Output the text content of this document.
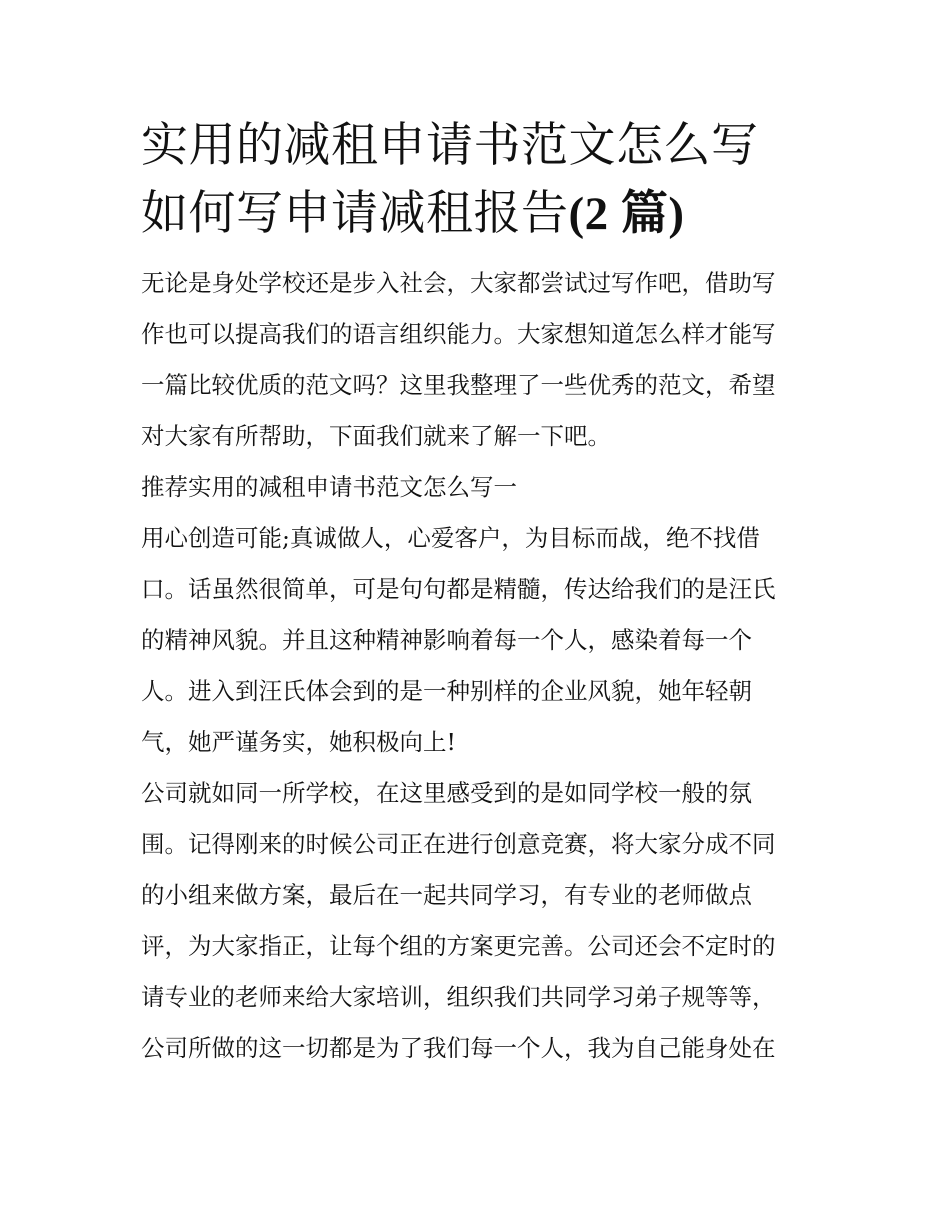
实用的减租申请书范文怎么写
如何写申请减租报告(2 篇)

无论是身处学校还是步入社会，大家都尝试过写作吧，借助写
作也可以提高我们的语言组织能力。大家想知道怎么样才能写
一篇比较优质的范文吗？这里我整理了一些优秀的范文，希望
对大家有所帮助，下面我们就来了解一下吧。

推荐实用的减租申请书范文怎么写一

用心创造可能;真诚做人，心爱客户，为目标而战，绝不找借
口。话虽然很简单，可是句句都是精髓，传达给我们的是汪氏
的精神风貌。并且这种精神影响着每一个人，感染着每一个
人。进入到汪氏体会到的是一种别样的企业风貌，她年轻朝
气，她严谨务实，她积极向上!

公司就如同一所学校，在这里感受到的是如同学校一般的氛
围。记得刚来的时候公司正在进行创意竞赛，将大家分成不同
的小组来做方案，最后在一起共同学习，有专业的老师做点
评，为大家指正，让每个组的方案更完善。公司还会不定时的
请专业的老师来给大家培训，组织我们共同学习弟子规等等，
公司所做的这一切都是为了我们每一个人，我为自己能身处在
